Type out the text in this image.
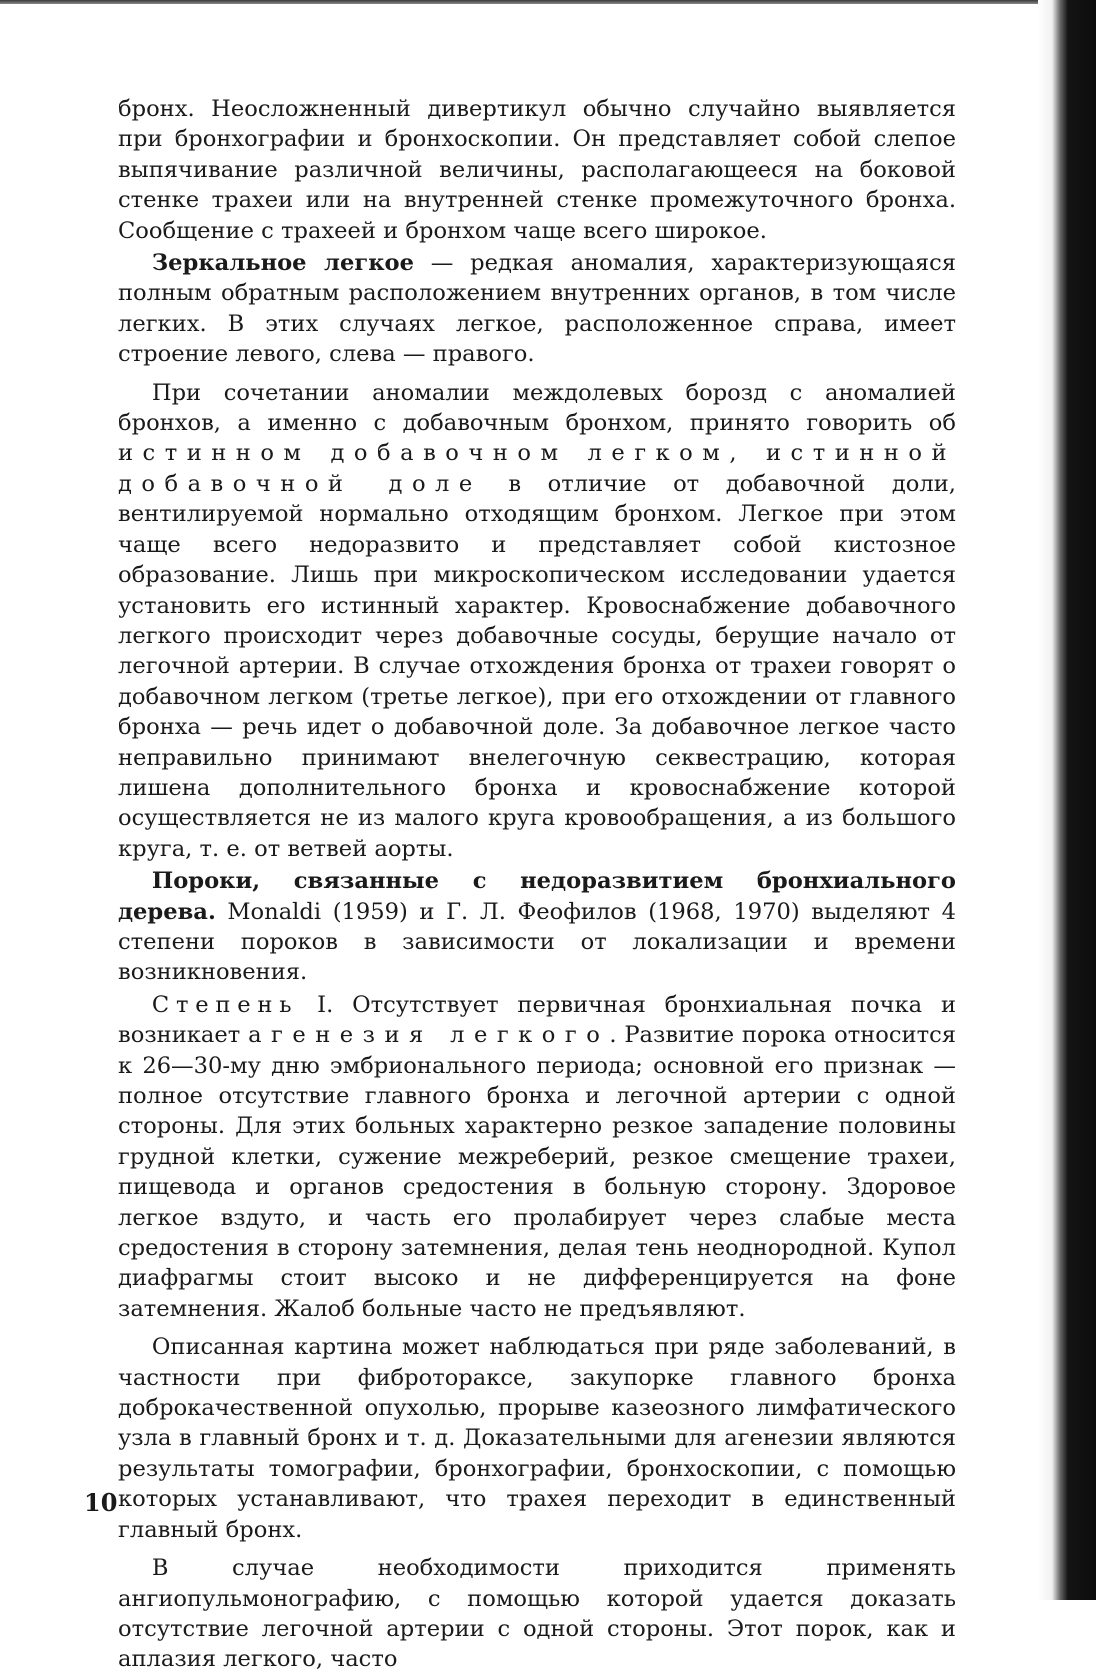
бронх. Неосложненный дивертикул обычно случайно выявляется при бронхографии и бронхоскопии. Он представляет собой слепое выпячивание различной величины, располагающееся на боковой стенке трахеи или на внутренней стенке промежуточного бронха. Сообщение с трахеей и бронхом чаще всего широкое.

Зеркальное легкое — редкая аномалия, характеризующаяся полным обратным расположением внутренних органов, в том числе легких. В этих случаях легкое, расположенное справа, имеет строение левого, слева — правого.

При сочетании аномалии междолевых борозд с аномалией бронхов, а именно с добавочным бронхом, принято говорить об истинном добавочном легком, истинной добавочной доле в отличие от добавочной доли, вентилируемой нормально отходящим бронхом. Легкое при этом чаще всего недоразвито и представляет собой кистозное образование. Лишь при микроскопическом исследовании удается установить его истинный характер. Кровоснабжение добавочного легкого происходит через добавочные сосуды, берущие начало от легочной артерии. В случае отхождения бронха от трахеи говорят о добавочном легком (третье легкое), при его отхождении от главного бронха — речь идет о добавочной доле. За добавочное легкое часто неправильно принимают внелегочную секвестрацию, которая лишена дополнительного бронха и кровоснабжение которой осуществляется не из малого круга кровообращения, а из большого круга, т. е. от ветвей аорты.

Пороки, связанные с недоразвитием бронхиального дерева. Monaldi (1959) и Г. Л. Феофилов (1968, 1970) выделяют 4 степени пороков в зависимости от локализации и времени возникновения.

Степень I. Отсутствует первичная бронхиальная почка и возникает агенезия легкого. Развитие порока относится к 26—30-му дню эмбрионального периода; основной его признак — полное отсутствие главного бронха и легочной артерии с одной стороны. Для этих больных характерно резкое западение половины грудной клетки, сужение межреберий, резкое смещение трахеи, пищевода и органов средостения в больную сторону. Здоровое легкое вздуто, и часть его пролабирует через слабые места средостения в сторону затемнения, делая тень неоднородной. Купол диафрагмы стоит высоко и не дифференцируется на фоне затемнения. Жалоб больные часто не предъявляют.

Описанная картина может наблюдаться при ряде заболеваний, в частности при фибротораксе, закупорке главного бронха доброкачественной опухолью, прорыве казеозного лимфатического узла в главный бронх и т. д. Доказательными для агенезии являются результаты томографии, бронхографии, бронхоскопии, с помощью которых устанавливают, что трахея переходит в единственный главный бронх.

В случае необходимости приходится применять ангиопульмонографию, с помощью которой удается доказать отсутствие легочной артерии с одной стороны. Этот порок, как и аплазия легкого, часто

10
